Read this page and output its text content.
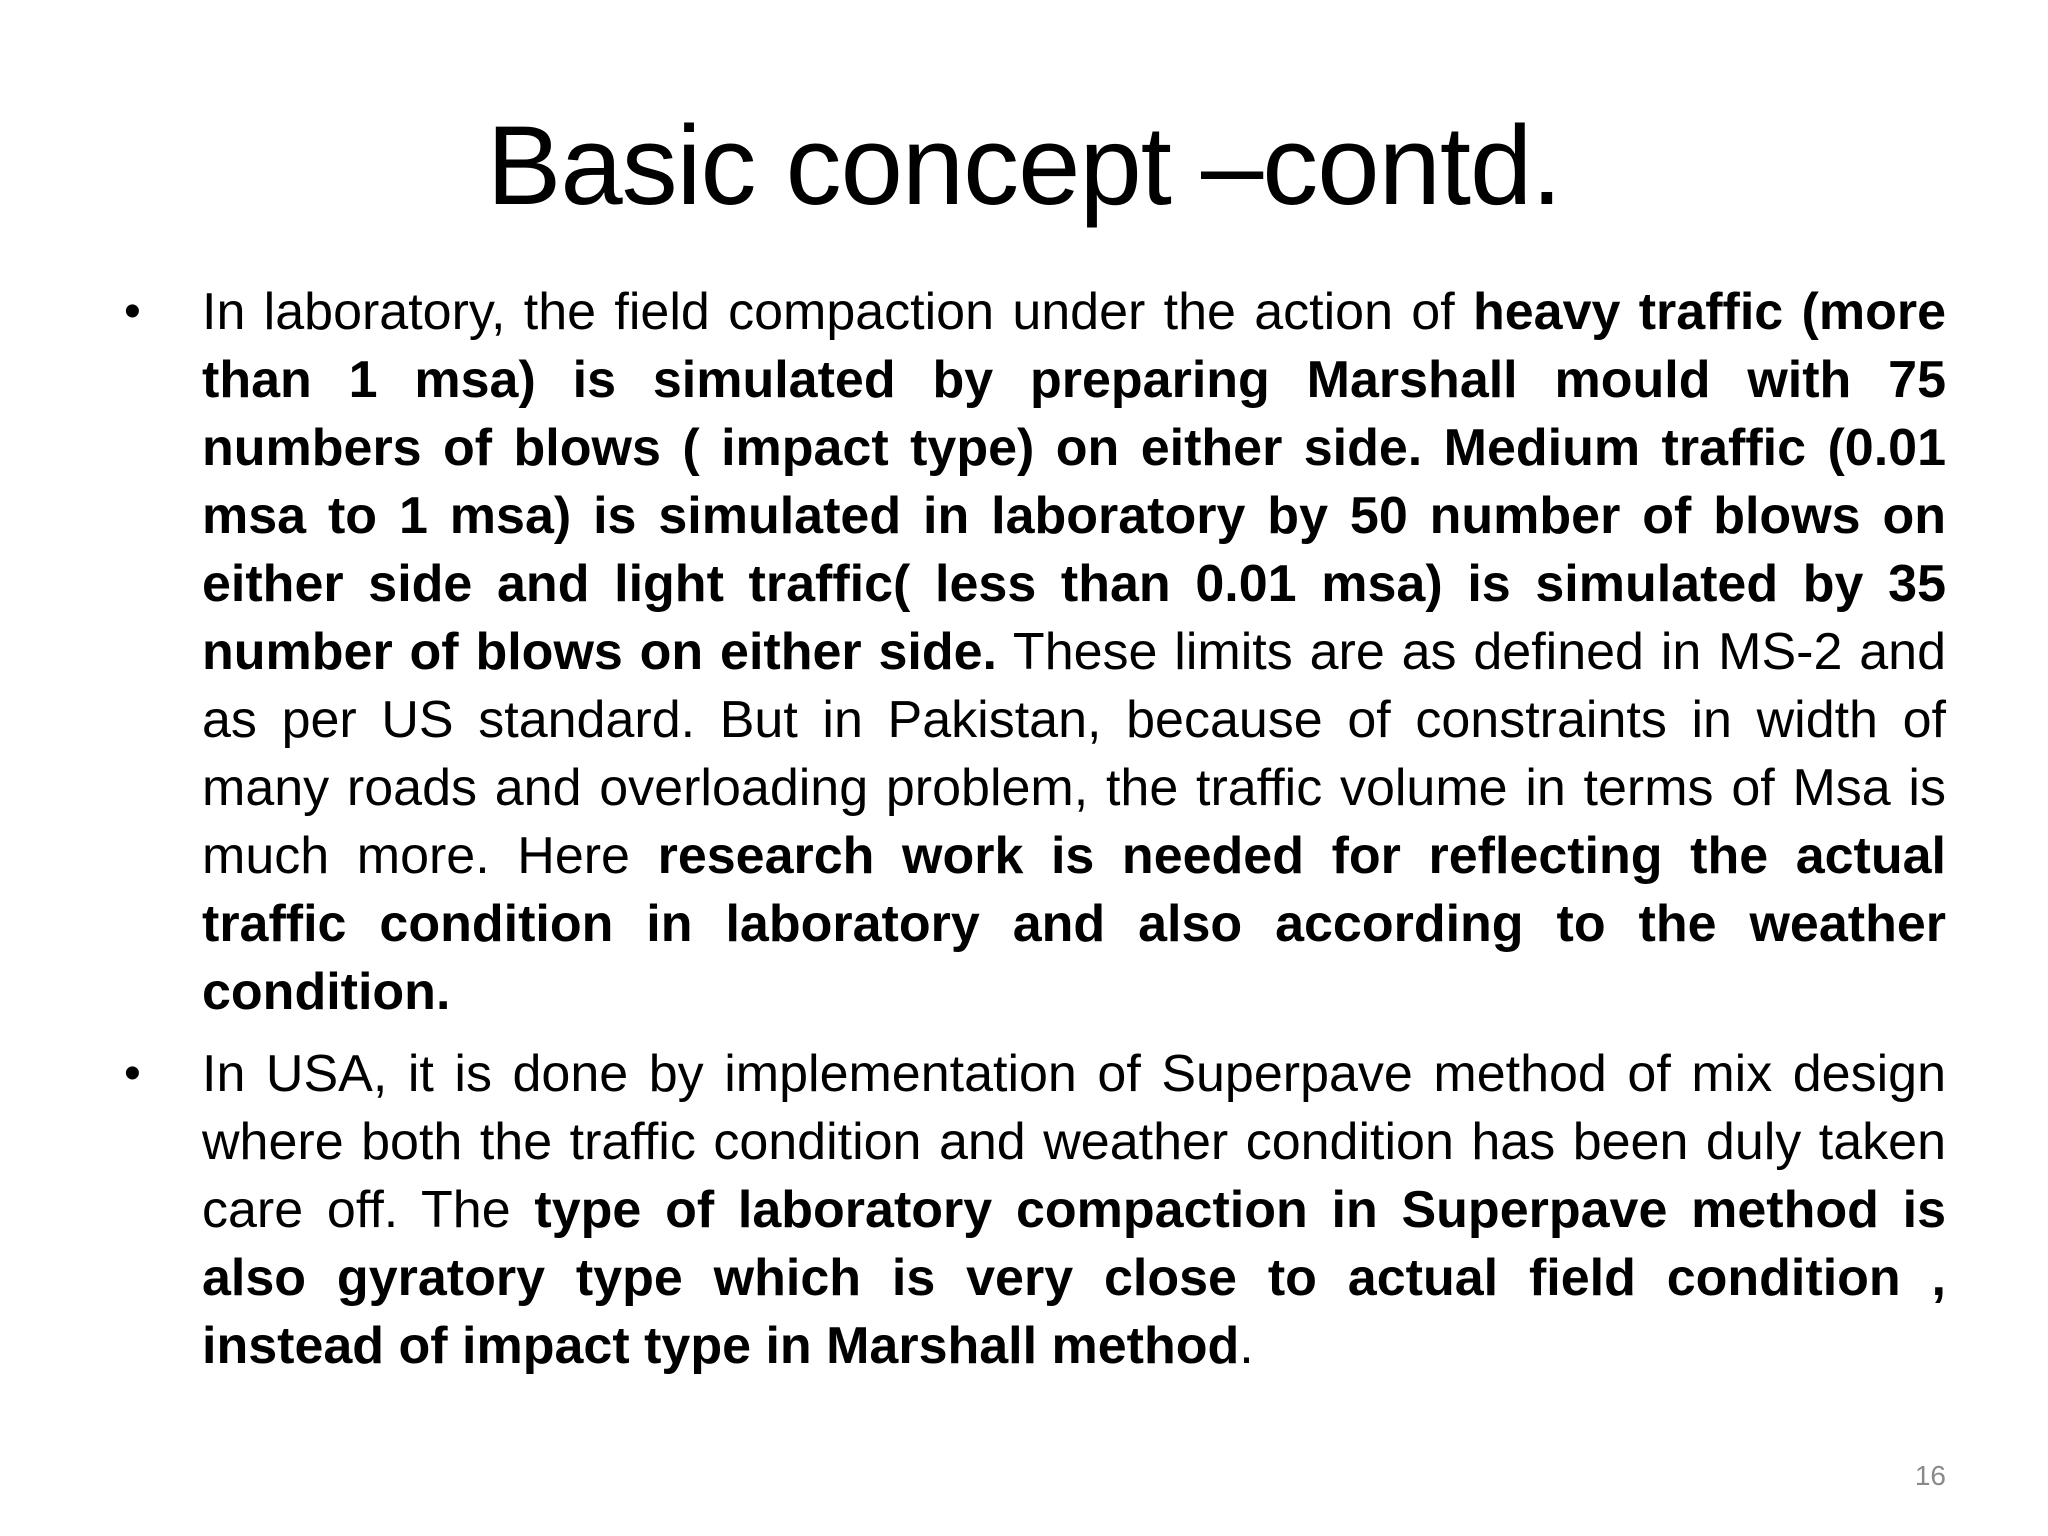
Basic concept –contd.
•	In laboratory, the field compaction under the action of heavy traffic (more than 1 msa) is simulated by preparing Marshall mould with 75 numbers of blows ( impact type) on either side. Medium traffic (0.01 msa to 1 msa) is simulated in laboratory by 50 number of blows on either side and light traffic( less than 0.01 msa) is simulated by 35 number of blows on either side. These limits are as defined in MS-2 and as per US standard. But in Pakistan, because of constraints in width of many roads and overloading problem, the traffic volume in terms of Msa is much more. Here research work is needed for reflecting the actual traffic condition in laboratory and also according to the weather condition.
•	In USA, it is done by implementation of Superpave method of mix design where both the traffic condition and weather condition has been duly taken care off. The type of laboratory compaction in Superpave method is also gyratory type which is very close to actual field condition , instead of impact type in Marshall method.
16
